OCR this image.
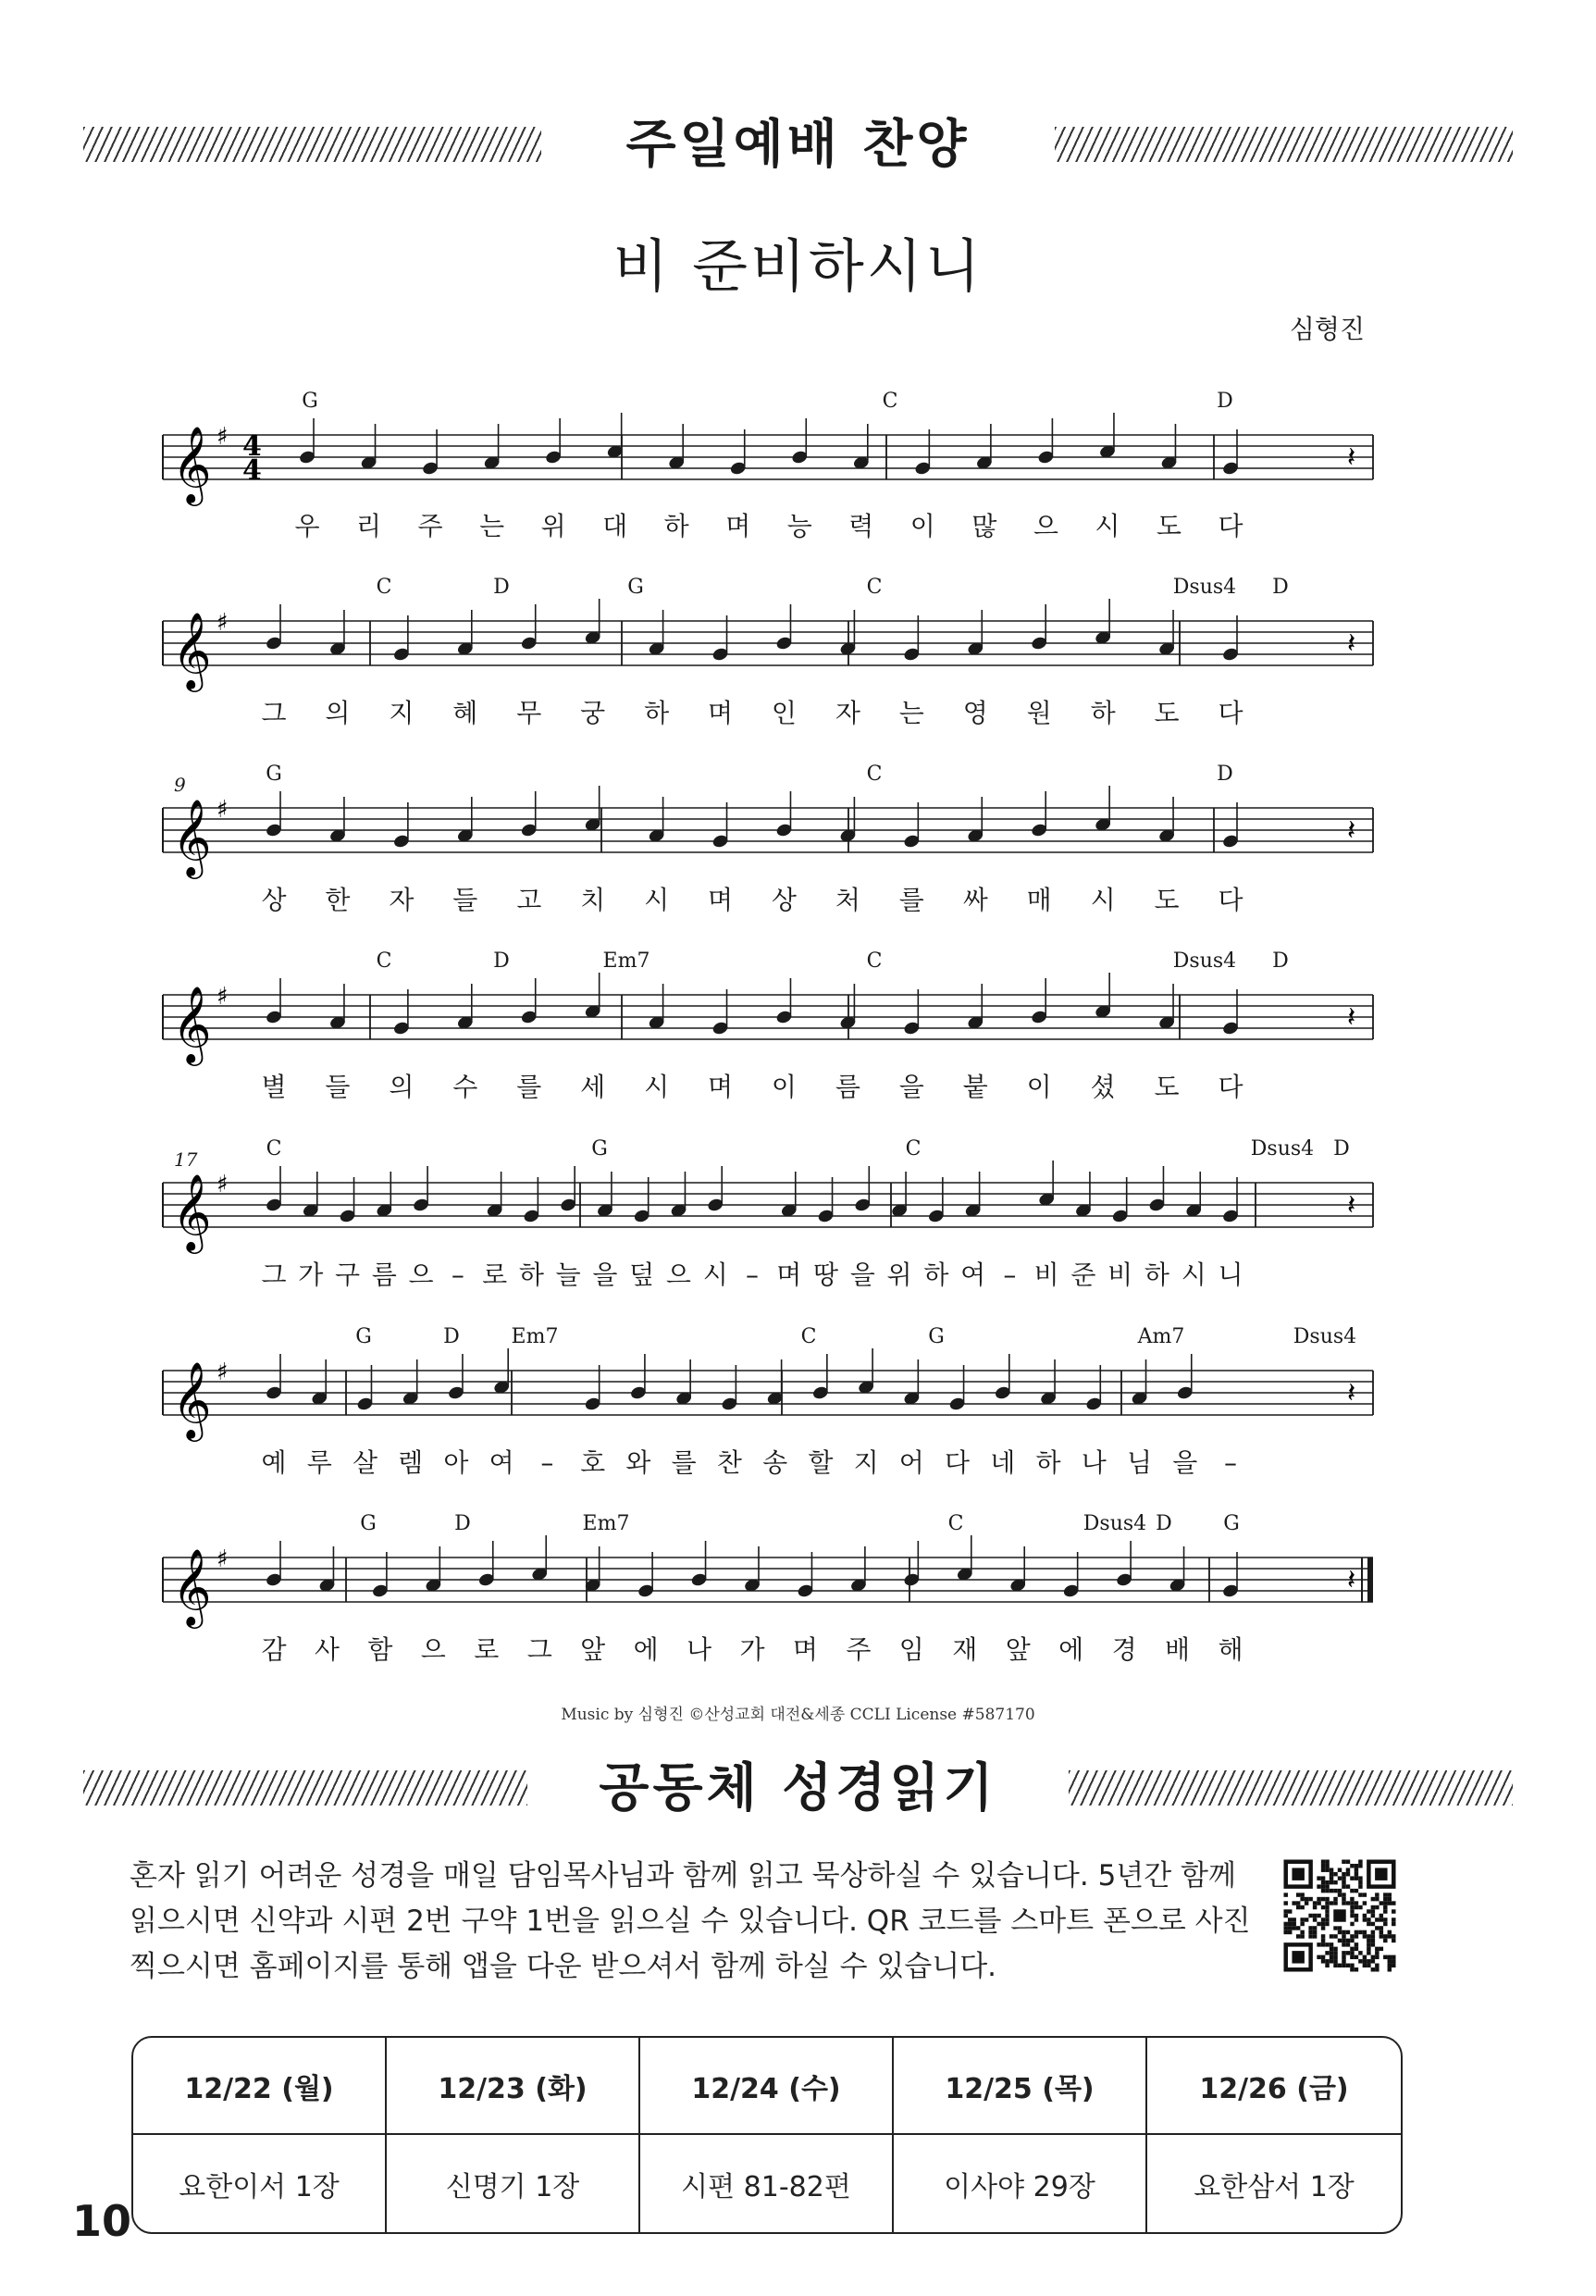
주일예배 찬양
비 준비하시니
심형진
𝄞 ♯ 4
4
G	C	D
우 리 주 는 위 대 하 며 능 력 이 많 으 시 도 다
𝄽
𝄞 ♯
C	D	G	C	Dsus4 D
그 의 지 혜 무 궁 하 며 인 자 는 영 원 하 도 다
𝄽
𝄞 ♯
9	G	C	D
상 한 자 들 고 치 시 며 상 처 를 싸 매 시 도 다
𝄽
𝄞 ♯
C	D	Em7	C	Dsus4 D
별 들 의 수 를 세 시 며 이 름 을 붙 이 셨 도 다
𝄽
𝄞 ♯
17	C	G	C	Dsus4 D
그 가 구 름 으 – 로 하 늘 을 덮 으 시 – 며 땅 을 위 하 여 – 비 준 비 하 시 니
𝄽
𝄞 ♯
G	D	Em7	C	G	Am7	Dsus4
예 루 살 렘 아 여 – 호 와 를 찬 송 할 지 어 다 네 하 나 님 을 –
𝄽
𝄞 ♯
G	D	Em7	C	Dsus4 D	G
감 사 함 으 로 그 앞 에 나 가 며 주 임 재 앞 에 경 배 해
𝄽
Music by 심형진 ©산성교회 대전&세종 CCLI License #587170
공동체 성경읽기
혼자 읽기 어려운 성경을 매일 담임목사님과 함께 읽고 묵상하실 수 있습니다. 5년간 함께
읽으시면 신약과 시편 2번 구약 1번을 읽으실 수 있습니다. QR 코드를 스마트 폰으로 사진
찍으시면 홈페이지를 통해 앱을 다운 받으셔서 함께 하실 수 있습니다.
12/22 (월)	12/23 (화)	12/24 (수)	12/25 (목)	12/26 (금)
요한이서 1장	신명기 1장	시편 81-82편	이사야 29장	요한삼서 1장
10
